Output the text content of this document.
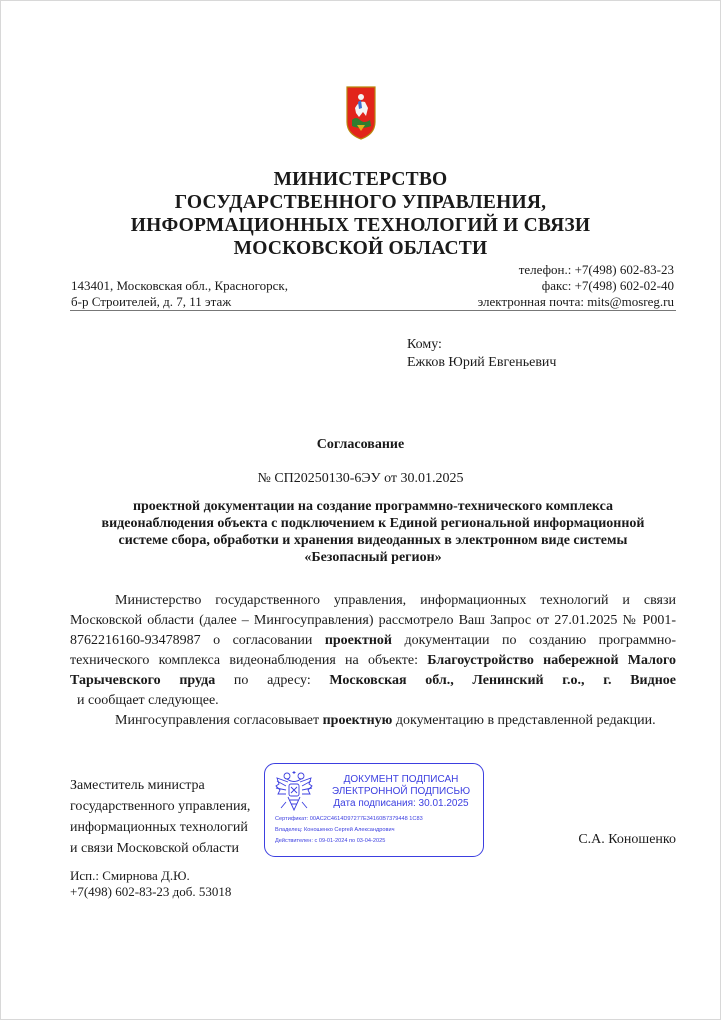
МИНИСТЕРСТВО
ГОСУДАРСТВЕННОГО УПРАВЛЕНИЯ,
ИНФОРМАЦИОННЫХ ТЕХНОЛОГИЙ И СВЯЗИ
МОСКОВСКОЙ ОБЛАСТИ
телефон.: +7(498) 602-83-23
факс: +7(498) 602-02-40
электронная почта: mits@mosreg.ru
143401, Московская обл., Красногорск,
б-р Строителей, д. 7, 11 этаж
Кому:
Ежков Юрий Евгеньевич
Согласование
№ СП20250130-6ЭУ от 30.01.2025
проектной документации на создание программно-технического комплекса
видеонаблюдения объекта с подключением к Единой региональной информационной
системе сбора, обработки и хранения видеоданных в электронном виде системы
«Безопасный регион»

Министерство государственного управления, информационных технологий и связи Московской области (далее – Мингосуправления) рассмотрело Ваш Запрос от 27.01.2025 № Р001-8762216160-93478987 о согласовании проектной документации по созданию программно-технического комплекса видеонаблюдения на объекте: Благоустройство набережной Малого Тарычевского пруда по адресу: Московская обл., Ленинский г.о., г. Видное  и сообщает следующее.

Мингосуправления согласовывает проектную документацию в представленной редакции.

Заместитель министра
государственного управления,
информационных технологий
и связи Московской области
ДОКУМЕНТ ПОДПИСАН
ЭЛЕКТРОННОЙ ПОДПИСЬЮ
Дата подписания: 30.01.2025
Сертификат: 00AC2C4614D97277E34160B7379448 1C83
Владелец: Коношенко Сергей Александрович
Действителен: с 09-01-2024 по 03-04-2025	С.А. Коношенко
Исп.: Смирнова Д.Ю.
+7(498) 602-83-23 доб. 53018
